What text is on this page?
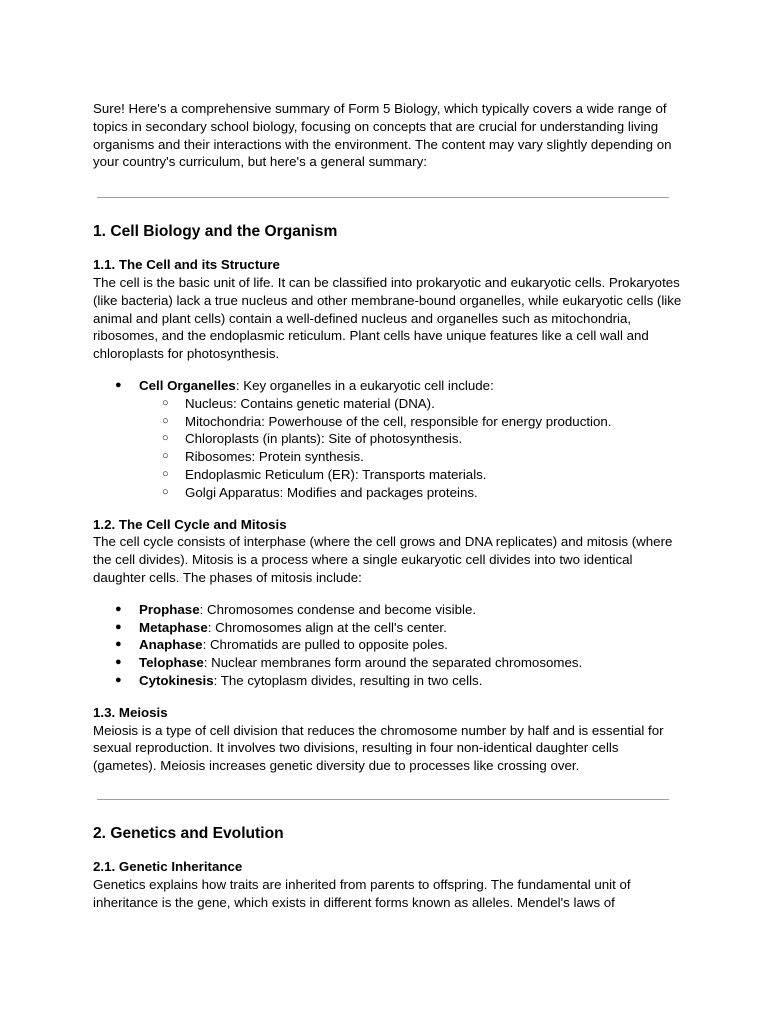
Sure! Here's a comprehensive summary of Form 5 Biology, which typically covers a wide range of topics in secondary school biology, focusing on concepts that are crucial for understanding living organisms and their interactions with the environment. The content may vary slightly depending on your country's curriculum, but here's a general summary:

1. Cell Biology and the Organism
1.1. The Cell and its Structure

The cell is the basic unit of life. It can be classified into prokaryotic and eukaryotic cells. Prokaryotes (like bacteria) lack a true nucleus and other membrane-bound organelles, while eukaryotic cells (like animal and plant cells) contain a well-defined nucleus and organelles such as mitochondria, ribosomes, and the endoplasmic reticulum. Plant cells have unique features like a cell wall and chloroplasts for photosynthesis.

● Cell Organelles: Key organelles in a eukaryotic cell include:
○ Nucleus: Contains genetic material (DNA).
○ Mitochondria: Powerhouse of the cell, responsible for energy production.
○ Chloroplasts (in plants): Site of photosynthesis.
○ Ribosomes: Protein synthesis.
○ Endoplasmic Reticulum (ER): Transports materials.
○ Golgi Apparatus: Modifies and packages proteins.
1.2. The Cell Cycle and Mitosis

The cell cycle consists of interphase (where the cell grows and DNA replicates) and mitosis (where the cell divides). Mitosis is a process where a single eukaryotic cell divides into two identical daughter cells. The phases of mitosis include:

● Prophase: Chromosomes condense and become visible.
● Metaphase: Chromosomes align at the cell's center.
● Anaphase: Chromatids are pulled to opposite poles.
● Telophase: Nuclear membranes form around the separated chromosomes.
● Cytokinesis: The cytoplasm divides, resulting in two cells.
1.3. Meiosis

Meiosis is a type of cell division that reduces the chromosome number by half and is essential for sexual reproduction. It involves two divisions, resulting in four non-identical daughter cells (gametes). Meiosis increases genetic diversity due to processes like crossing over.

2. Genetics and Evolution
2.1. Genetic Inheritance

Genetics explains how traits are inherited from parents to offspring. The fundamental unit of inheritance is the gene, which exists in different forms known as alleles. Mendel's laws of
